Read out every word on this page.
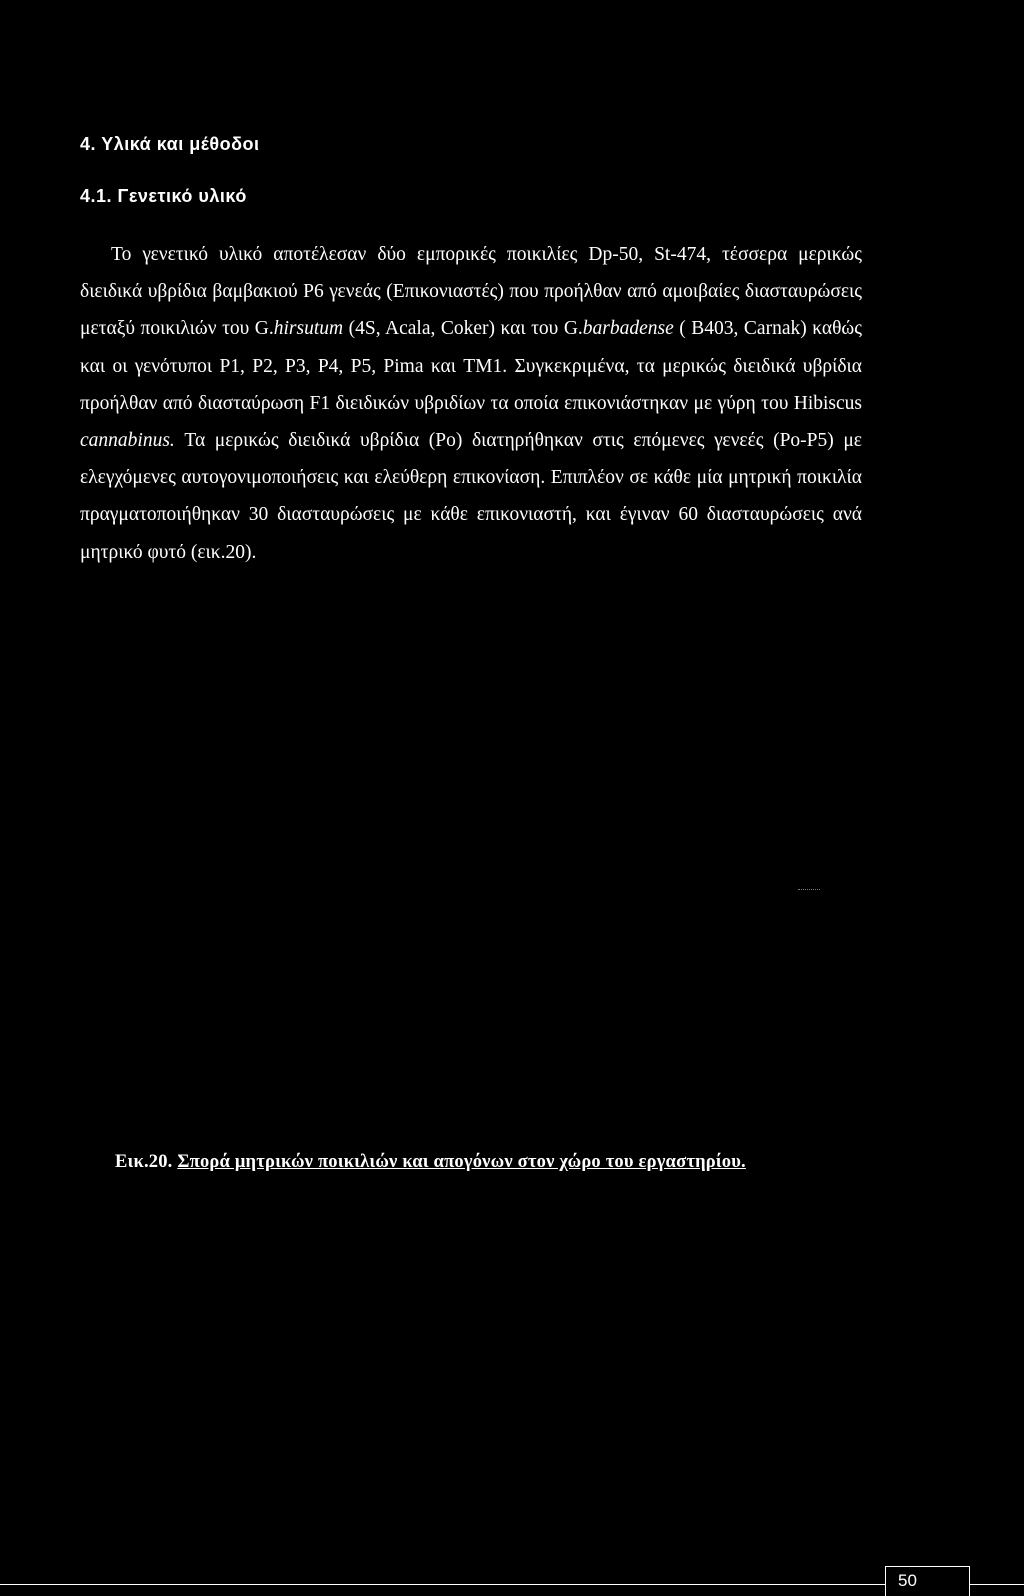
4. Υλικά και μέθοδοι
4.1. Γενετικό υλικό

Το γενετικό υλικό αποτέλεσαν δύο εμπορικές ποικιλίες Dp-50, St-474, τέσσερα μερικώς διειδικά υβρίδια βαμβακιού P6 γενεάς (Επικονιαστές) που προήλθαν από αμοιβαίες διασταυρώσεις μεταξύ ποικιλιών του G.hirsutum (4S, Acala, Coker) και του G.barbadense ( B403, Carnak) καθώς και οι γενότυποι P1, P2, P3, P4, P5, Pima και TM1. Συγκεκριμένα, τα μερικώς διειδικά υβρίδια προήλθαν από διασταύρωση F1 διειδικών υβριδίων τα οποία επικονιάστηκαν με γύρη του Hibiscus cannabinus. Τα μερικώς διειδικά υβρίδια (Po) διατηρήθηκαν στις επόμενες γενεές (Po-P5) με ελεγχόμενες αυτογονιμοποιήσεις και ελεύθερη επικονίαση. Επιπλέον σε κάθε μία μητρική ποικιλία πραγματοποιήθηκαν 30 διασταυρώσεις με κάθε επικονιαστή, και έγιναν 60 διασταυρώσεις ανά μητρικό φυτό (εικ.20).

Εικ.20. Σπορά μητρικών ποικιλιών και απογόνων στον χώρο του εργαστηρίου.

50
